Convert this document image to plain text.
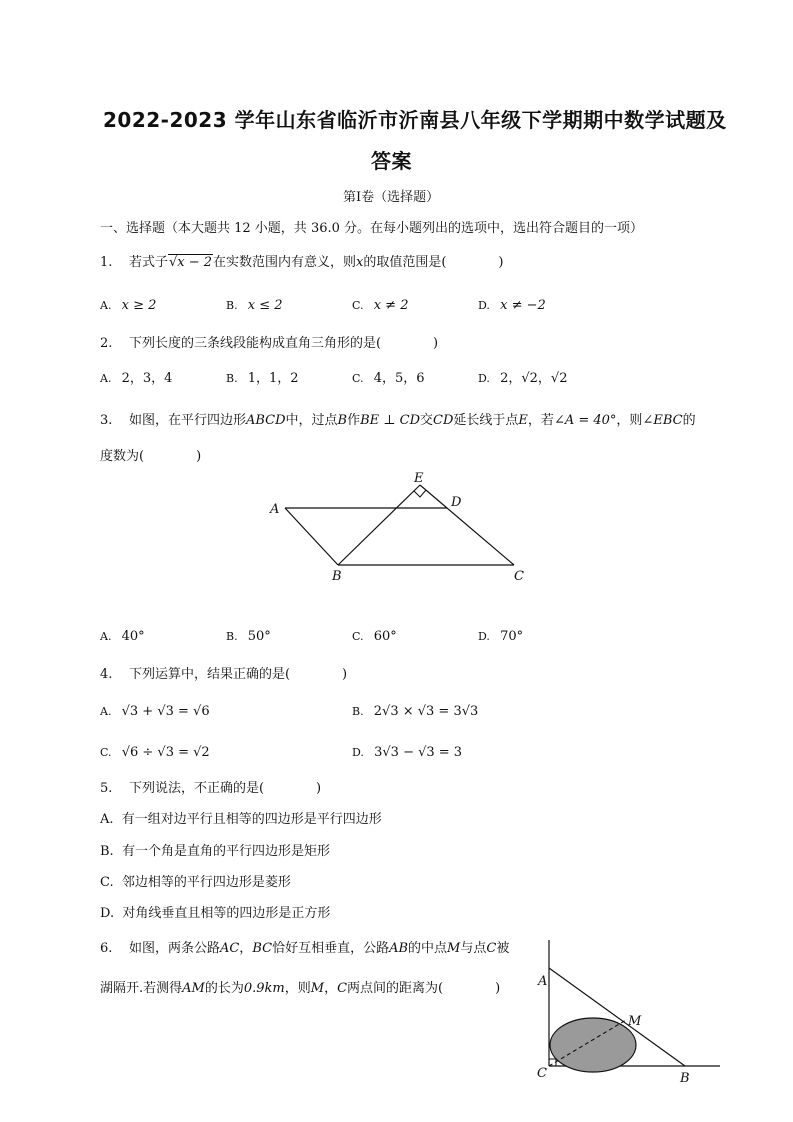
2022-2023 学年山东省临沂市沂南县八年级下学期期中数学试题及
答案
第Ⅰ卷（选择题）
一、选择题（本大题共 12 小题，共 36.0 分。在每小题列出的选项中，选出符合题目的一项）
1. 若式子√x − 2在实数范围内有意义，则x的取值范围是(　　　　)
A. x ≥ 2	B. x ≤ 2	C. x ≠ 2	D. x ≠ −2
2. 下列长度的三条线段能构成直角三角形的是(　　　　)
A. 2，3，4	B. 1，1，2	C. 4，5，6	D. 2，√2，√2
3. 如图，在平行四边形ABCD中，过点B作BE ⊥ CD交CD延长线于点E，若∠A = 40°，则∠EBC的
度数为(　　　　)
A
B	C
D
E
A. 40°	B. 50°	C. 60°	D. 70°
4. 下列运算中，结果正确的是(　　　　)
A. √3 + √3 = √6	B. 2√3 × √3 = 3√3
C. √6 ÷ √3 = √2	D. 3√3 − √3 = 3
5. 下列说法，不正确的是(　　　　)
A. 有一组对边平行且相等的四边形是平行四边形
B. 有一个角是直角的平行四边形是矩形
C. 邻边相等的平行四边形是菱形
D. 对角线垂直且相等的四边形是正方形
6. 如图，两条公路AC，BC恰好互相垂直，公路AB的中点M与点C被
湖隔开.若测得AM的长为0.9km，则M，C两点间的距离为(　　　　)	A
M
C	B
